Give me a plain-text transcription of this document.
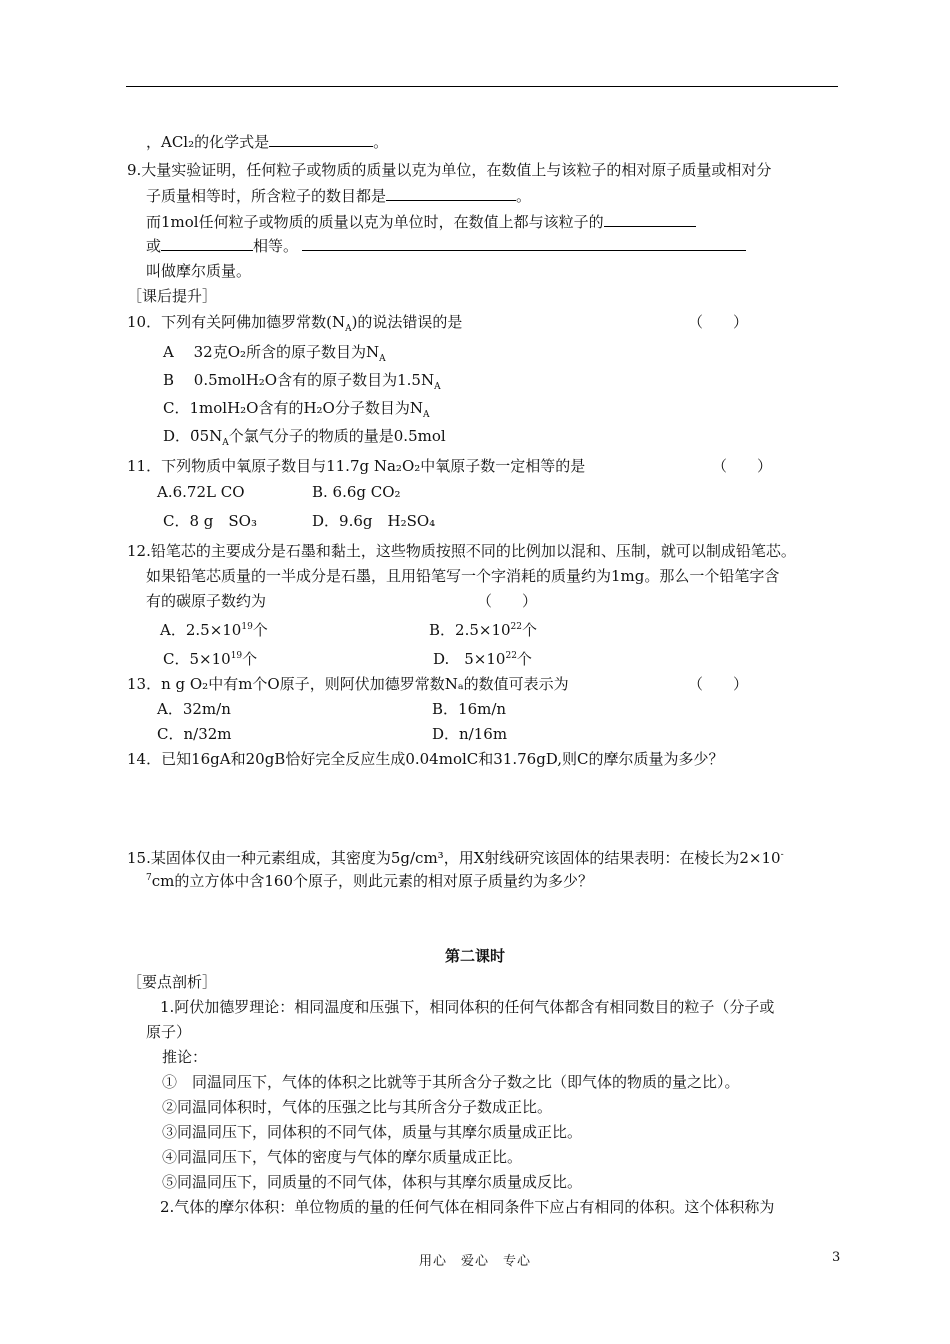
，ACl₂的化学式是	。
9.大量实验证明，任何粒子或物质的质量以克为单位，在数值上与该粒子的相对原子质量或相对分
子质量相等时，所含粒子的数目都是	。
而1mol任何粒子或物质的质量以克为单位时，在数值上都与该粒子的
或	相等。
叫做摩尔质量。
［课后提升］
10．下列有关阿佛加德罗常数$(N_A)$的说法错误的是	（　　）
A　 32克O₂所含的原子数目为$N_A$
B　 0.5molH₂O含有的原子数目为$1.5N_A$
C．1molH₂O含有的H₂O分子数目为$N_A$
D．$0̄5N_A$个氯气分子的物质的量是0.5mol
11．下列物质中氧原子数目与11.7g Na₂O₂中氧原子数一定相等的是	（　　）
A.6.72L CO	B. 6.6g CO₂
C．8 g　SO₃	D．9.6g　H₂SO₄
12.铅笔芯的主要成分是石墨和黏土，这些物质按照不同的比例加以混和、压制，就可以制成铅笔芯。
如果铅笔芯质量的一半成分是石墨，且用铅笔写一个字消耗的质量约为1mg。那么一个铅笔字含
有的碳原子数约为	（　　）
A．$2.5\times 10^{19}$个	B．$2.5\times 10^{22}$个
C．$5\times 10^{19}$个	D.　$5\times 10^{22}$个
13．n g O₂中有m个O原子，则阿伏加德罗常数Nₐ的数值可表示为	（　　）
A．32m/n	B．16m/n
C．n/32m	D．n/16m
14．已知16gA和20gB恰好完全反应生成0.04molC和31.76gD,则C的摩尔质量为多少？
15.某固体仅由一种元素组成，其密度为5g/cm³，用X射线研究该固体的结果表明：在棱长为2×10-
$^7$cm的立方体中含160个原子，则此元素的相对原子质量约为多少？
第二课时
［要点剖析］
1.阿伏加德罗理论：相同温度和压强下，相同体积的任何气体都含有相同数目的粒子（分子或
原子）
推论：
①　同温同压下，气体的体积之比就等于其所含分子数之比（即气体的物质的量之比）。
②同温同体积时，气体的压强之比与其所含分子数成正比。
③同温同压下，同体积的不同气体，质量与其摩尔质量成正比。
④同温同压下，气体的密度与气体的摩尔质量成正比。
⑤同温同压下，同质量的不同气体，体积与其摩尔质量成反比。
2.气体的摩尔体积：单位物质的量的任何气体在相同条件下应占有相同的体积。这个体积称为
用心　爱心　专心	3
